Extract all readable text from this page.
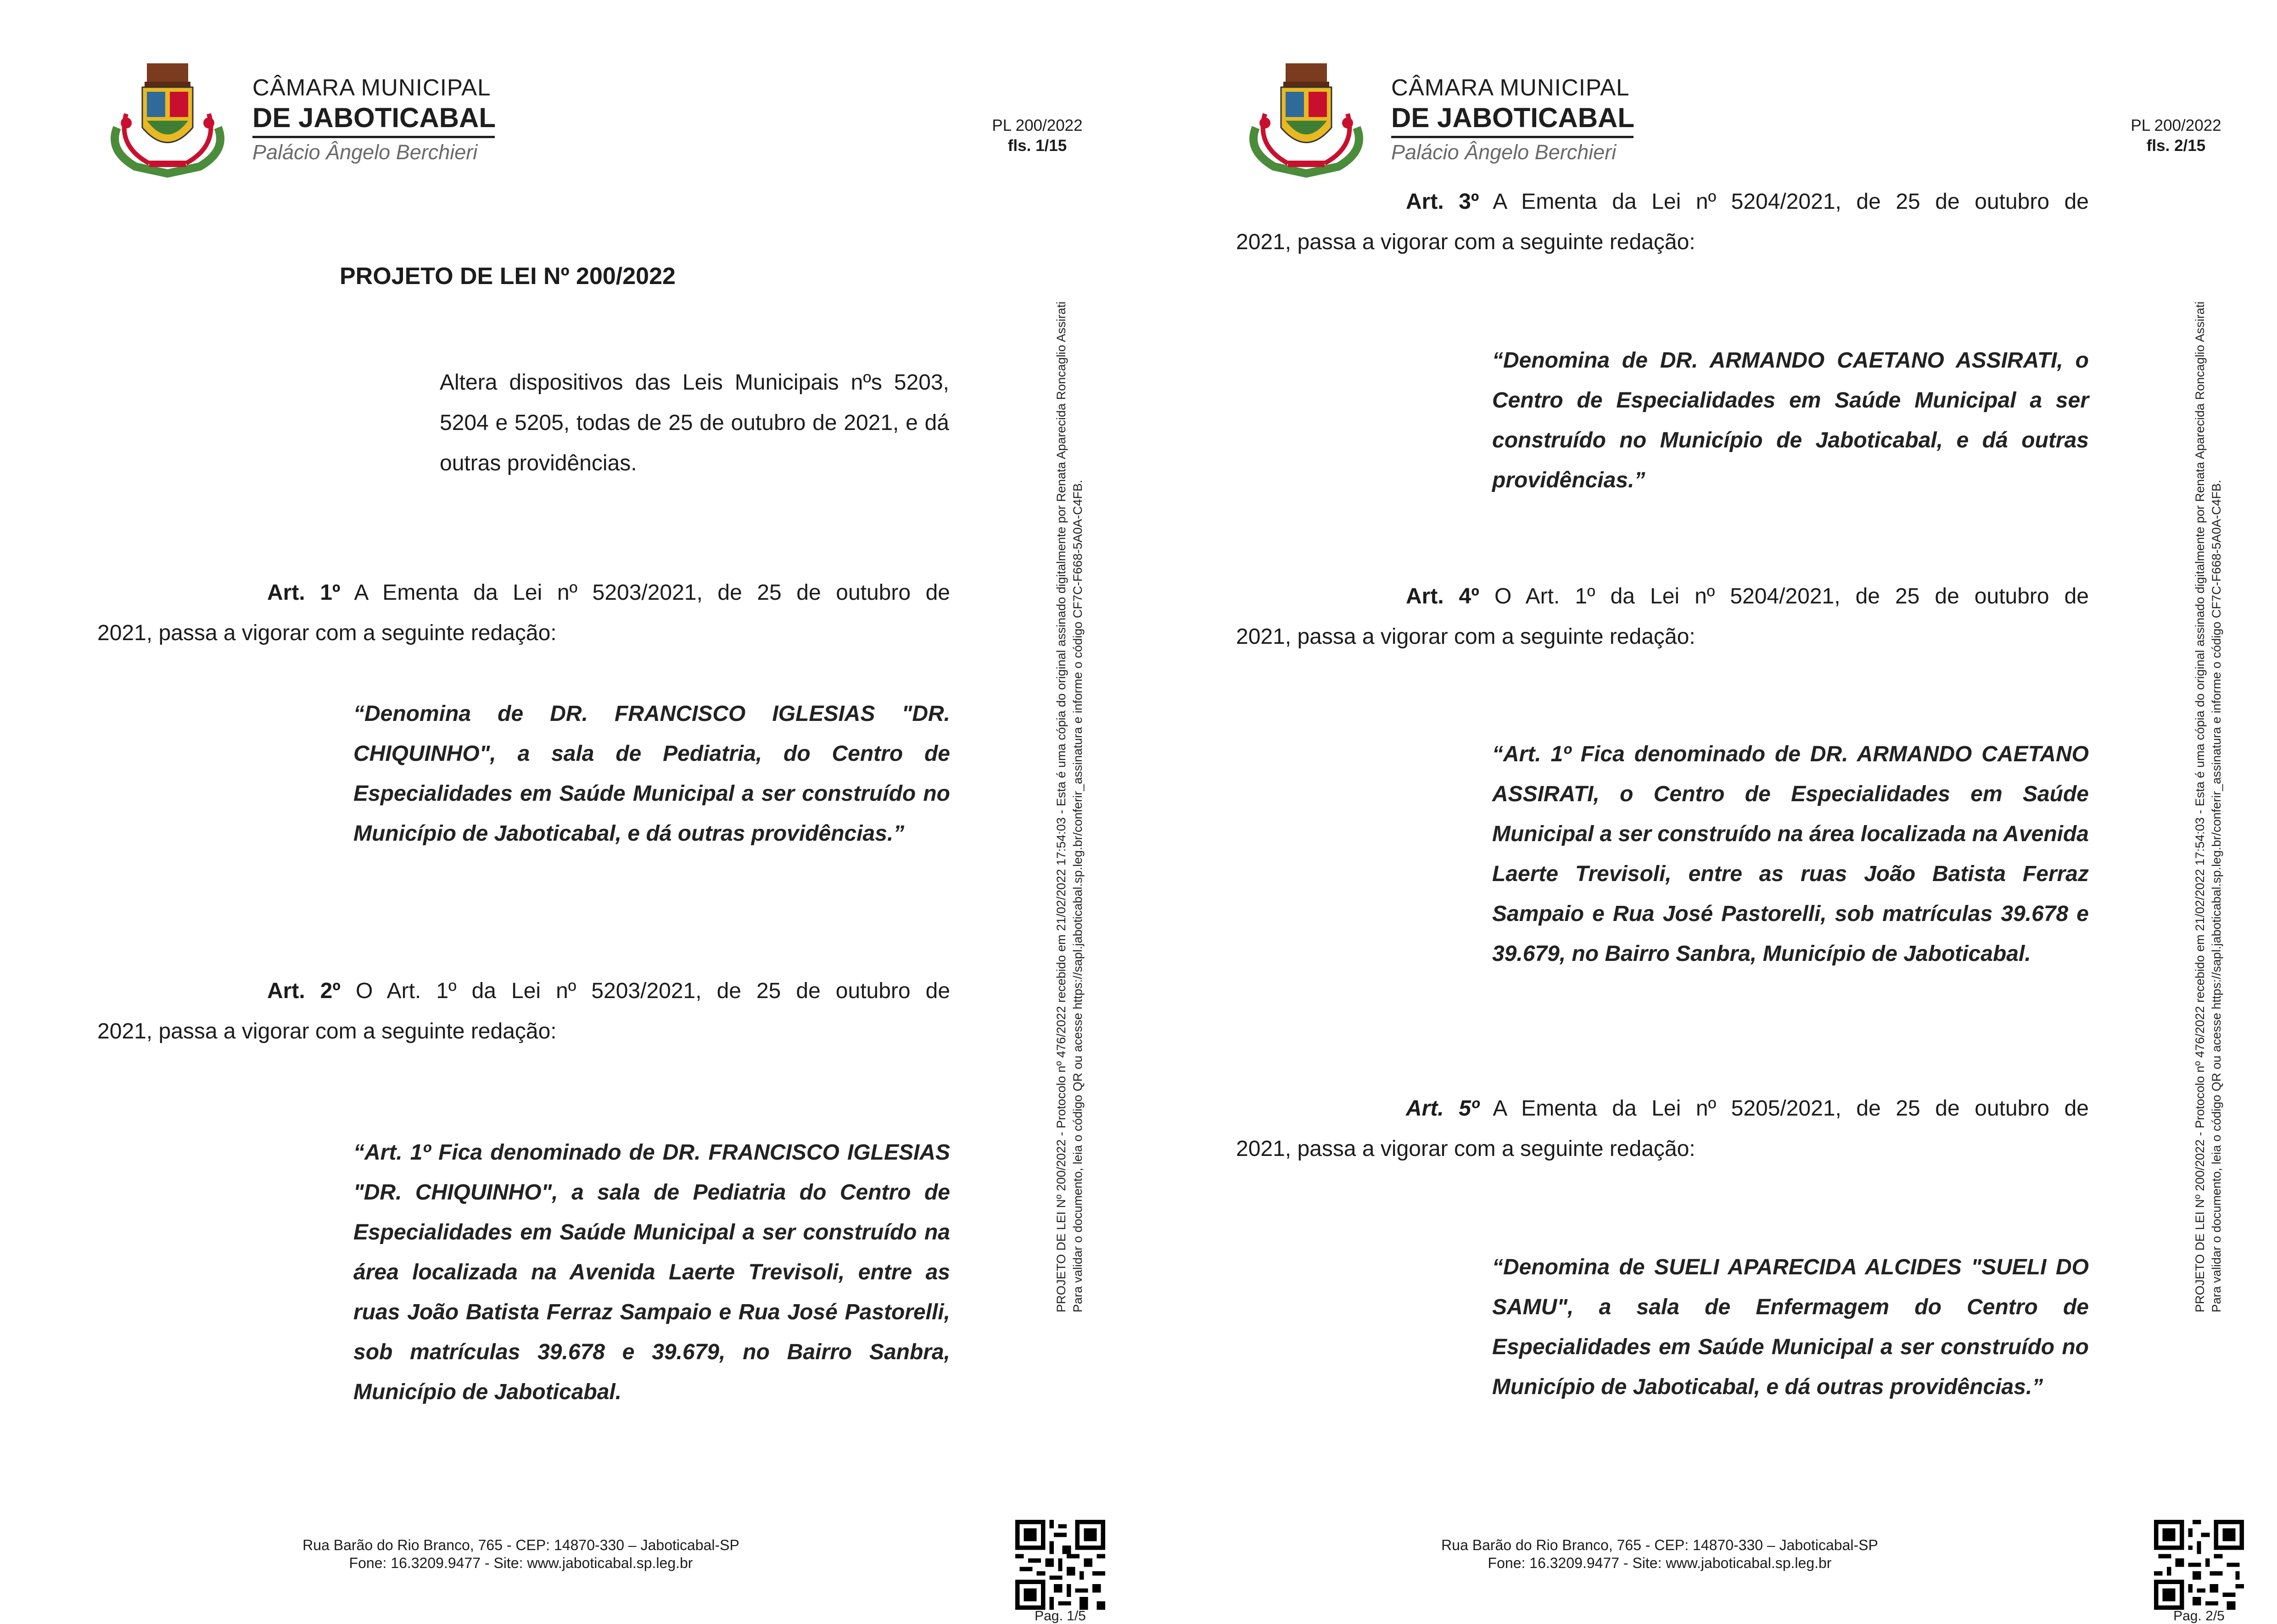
CÂMARA MUNICIPAL
DE JABOTICABAL
Palácio Ângelo Berchieri
PL 200/2022
fls. 1/15
PROJETO DE LEI Nº 200/2022
Altera dispositivos das Leis Municipais nºs 5203, 5204 e 5205, todas de 25 de outubro de 2021, e dá outras providências.
Art. 1º A Ementa da Lei nº 5203/2021, de 25 de outubro de
2021, passa a vigorar com a seguinte redação:
“Denomina de DR. FRANCISCO IGLESIAS "DR. CHIQUINHO", a sala de Pediatria, do Centro de Especialidades em Saúde Municipal a ser construído no Município de Jaboticabal, e dá outras providências.”
Art. 2º O Art. 1º da Lei nº 5203/2021, de 25 de outubro de
2021, passa a vigorar com a seguinte redação:
“Art. 1º Fica denominado de DR. FRANCISCO IGLESIAS "DR. CHIQUINHO", a sala de Pediatria do Centro de Especialidades em Saúde Municipal a ser construído na área localizada na Avenida Laerte Trevisoli, entre as ruas João Batista Ferraz Sampaio e Rua José Pastorelli, sob matrículas 39.678 e 39.679, no Bairro Sanbra, Município de Jaboticabal.
PROJETO DE LEI Nº 200/2022 - Protocolo nº 476/2022 recebido em 21/02/2022 17:54:03 - Esta é uma cópia do original assinado digitalmente por Renata Aparecida Roncaglio Assirati Para validar o documento, leia o código QR ou acesse https://sapl.jaboticabal.sp.leg.br/conferir_assinatura e informe o código CF7C-F668-5A0A-C4FB.
Rua Barão do Rio Branco, 765 - CEP: 14870-330 – Jaboticabal-SP
Fone: 16.3209.9477 - Site: www.jaboticabal.sp.leg.br
Pag. 1/5
CÂMARA MUNICIPAL
DE JABOTICABAL
Palácio Ângelo Berchieri
PL 200/2022
fls. 2/15
Art. 3º A Ementa da Lei nº 5204/2021, de 25 de outubro de
2021, passa a vigorar com a seguinte redação:
“Denomina de DR. ARMANDO CAETANO ASSIRATI, o Centro de Especialidades em Saúde Municipal a ser construído no Município de Jaboticabal, e dá outras providências.”
Art. 4º O Art. 1º da Lei nº 5204/2021, de 25 de outubro de
2021, passa a vigorar com a seguinte redação:
“Art. 1º Fica denominado de DR. ARMANDO CAETANO ASSIRATI, o Centro de Especialidades em Saúde Municipal a ser construído na área localizada na Avenida Laerte Trevisoli, entre as ruas João Batista Ferraz Sampaio e Rua José Pastorelli, sob matrículas 39.678 e 39.679, no Bairro Sanbra, Município de Jaboticabal.
Art. 5º A Ementa da Lei nº 5205/2021, de 25 de outubro de
2021, passa a vigorar com a seguinte redação:
“Denomina de SUELI APARECIDA ALCIDES "SUELI DO SAMU", a sala de Enfermagem do Centro de Especialidades em Saúde Municipal a ser construído no Município de Jaboticabal, e dá outras providências.”
PROJETO DE LEI Nº 200/2022 - Protocolo nº 476/2022 recebido em 21/02/2022 17:54:03 - Esta é uma cópia do original assinado digitalmente por Renata Aparecida Roncaglio Assirati Para validar o documento, leia o código QR ou acesse https://sapl.jaboticabal.sp.leg.br/conferir_assinatura e informe o código CF7C-F668-5A0A-C4FB.
Rua Barão do Rio Branco, 765 - CEP: 14870-330 – Jaboticabal-SP
Fone: 16.3209.9477 - Site: www.jaboticabal.sp.leg.br
Pag. 2/5
